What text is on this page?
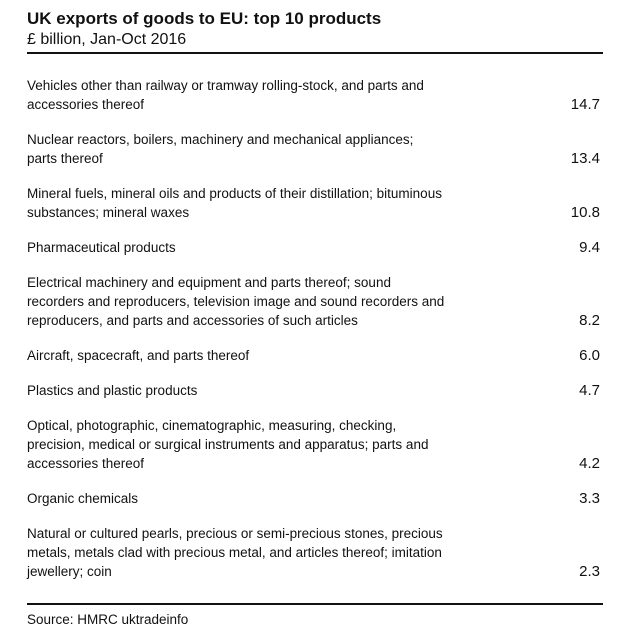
UK exports of goods to EU: top 10 products
£ billion, Jan-Oct 2016
Vehicles other than railway or tramway rolling-stock, and parts and accessories thereof	14.7
Nuclear reactors, boilers, machinery and mechanical appliances; parts thereof	13.4
Mineral fuels, mineral oils and products of their distillation; bituminous substances; mineral waxes	10.8
Pharmaceutical products	9.4
Electrical machinery and equipment and parts thereof; sound recorders and reproducers, television image and sound recorders and reproducers, and parts and accessories of such articles	8.2
Aircraft, spacecraft, and parts thereof	6.0
Plastics and plastic products	4.7
Optical, photographic, cinematographic, measuring, checking, precision, medical or surgical instruments and apparatus; parts and accessories thereof	4.2
Organic chemicals	3.3
Natural or cultured pearls, precious or semi-precious stones, precious metals, metals clad with precious metal, and articles thereof; imitation jewellery; coin	2.3
Source: HMRC uktradeinfo
